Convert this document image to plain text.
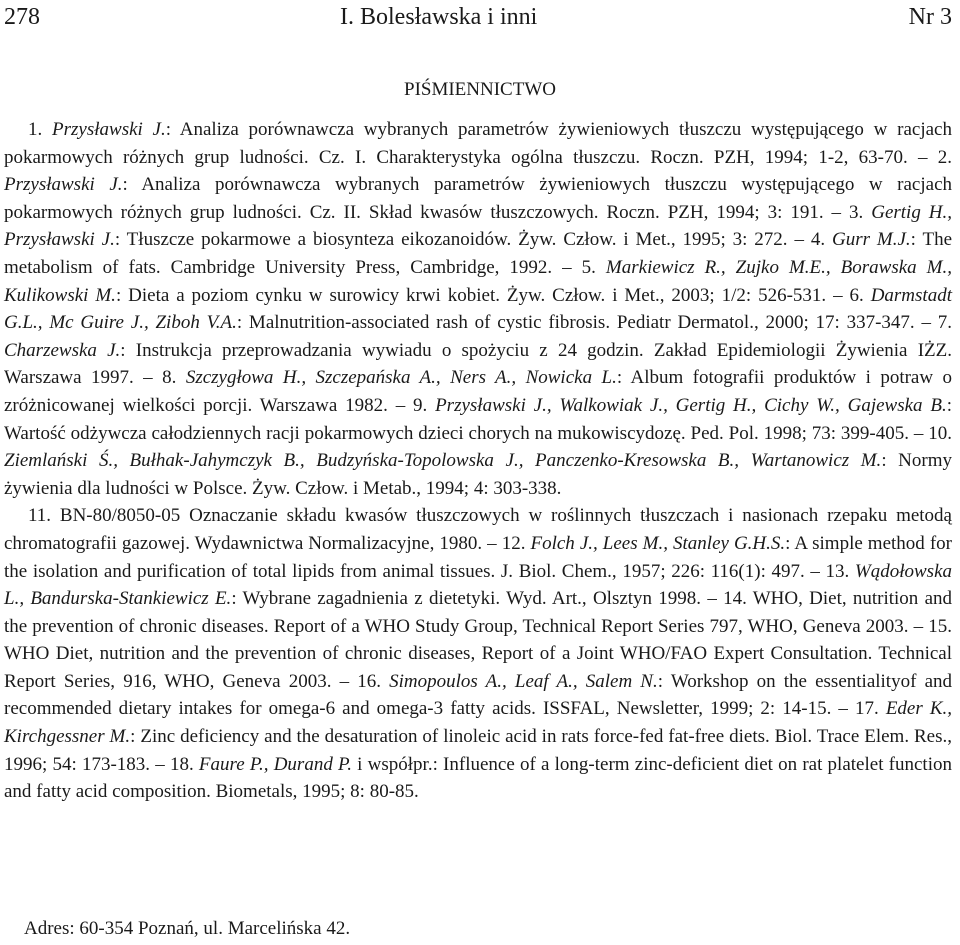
278	I. Bolesławska i inni	Nr 3
PIŚMIENNICTWO

1. Przysławski J.: Analiza porównawcza wybranych parametrów żywieniowych tłuszczu występującego w racjach pokarmowych różnych grup ludności. Cz. I. Charakterystyka ogólna tłuszczu. Roczn. PZH, 1994; 1-2, 63-70. – 2. Przysławski J.: Analiza porównawcza wybranych parametrów żywieniowych tłuszczu występującego w racjach pokarmowych różnych grup ludności. Cz. II. Skład kwasów tłuszczowych. Roczn. PZH, 1994; 3: 191. – 3. Gertig H., Przysławski J.: Tłuszcze pokarmowe a biosynteza eikozanoidów. Żyw. Człow. i Met., 1995; 3: 272. – 4. Gurr M.J.: The metabolism of fats. Cambridge University Press, Cambridge, 1992. – 5. Markiewicz R., Zujko M.E., Borawska M., Kulikowski M.: Dieta a poziom cynku w surowicy krwi kobiet. Żyw. Człow. i Met., 2003; 1/2: 526-531. – 6. Darmstadt G.L., Mc Guire J., Ziboh V.A.: Malnutrition-associated rash of cystic fibrosis. Pediatr Dermatol., 2000; 17: 337-347. – 7. Charzewska J.: Instrukcja przeprowadzania wywiadu o spożyciu z 24 godzin. Zakład Epidemiologii Żywienia IŻZ. Warszawa 1997. – 8. Szczygłowa H., Szczepańska A., Ners A., Nowicka L.: Album fotografii produktów i potraw o zróżnicowanej wielkości porcji. Warszawa 1982. – 9. Przysławski J., Walkowiak J., Gertig H., Cichy W., Gajewska B.: Wartość odżywcza całodziennych racji pokarmowych dzieci chorych na mukowiscydozę. Ped. Pol. 1998; 73: 399-405. – 10. Ziemlański Ś., Bułhak-Jahymczyk B., Budzyńska-Topolowska J., Panczenko-Kresowska B., Wartanowicz M.: Normy żywienia dla ludności w Polsce. Żyw. Człow. i Metab., 1994; 4: 303-338.

11. BN-80/8050-05 Oznaczanie składu kwasów tłuszczowych w roślinnych tłuszczach i nasionach rzepaku metodą chromatografii gazowej. Wydawnictwa Normalizacyjne, 1980. – 12. Folch J., Lees M., Stanley G.H.S.: A simple method for the isolation and purification of total lipids from animal tissues. J. Biol. Chem., 1957; 226: 116(1): 497. – 13. Wądołowska L., Bandurska-Stankiewicz E.: Wybrane zagadnienia z dietetyki. Wyd. Art., Olsztyn 1998. – 14. WHO, Diet, nutrition and the prevention of chronic diseases. Report of a WHO Study Group, Technical Report Series 797, WHO, Geneva 2003. – 15. WHO Diet, nutrition and the prevention of chronic diseases, Report of a Joint WHO/FAO Expert Consultation. Technical Report Series, 916, WHO, Geneva 2003. – 16. Simopoulos A., Leaf A., Salem N.: Workshop on the essentialityof and recommended dietary intakes for omega-6 and omega-3 fatty acids. ISSFAL, Newsletter, 1999; 2: 14-15. – 17. Eder K., Kirchgessner M.: Zinc deficiency and the desaturation of linoleic acid in rats force-fed fat-free diets. Biol. Trace Elem. Res., 1996; 54: 173-183. – 18. Faure P., Durand P. i współpr.: Influence of a long-term zinc-deficient diet on rat platelet function and fatty acid composition. Biometals, 1995; 8: 80-85.

Adres: 60-354 Poznań, ul. Marcelińska 42.
